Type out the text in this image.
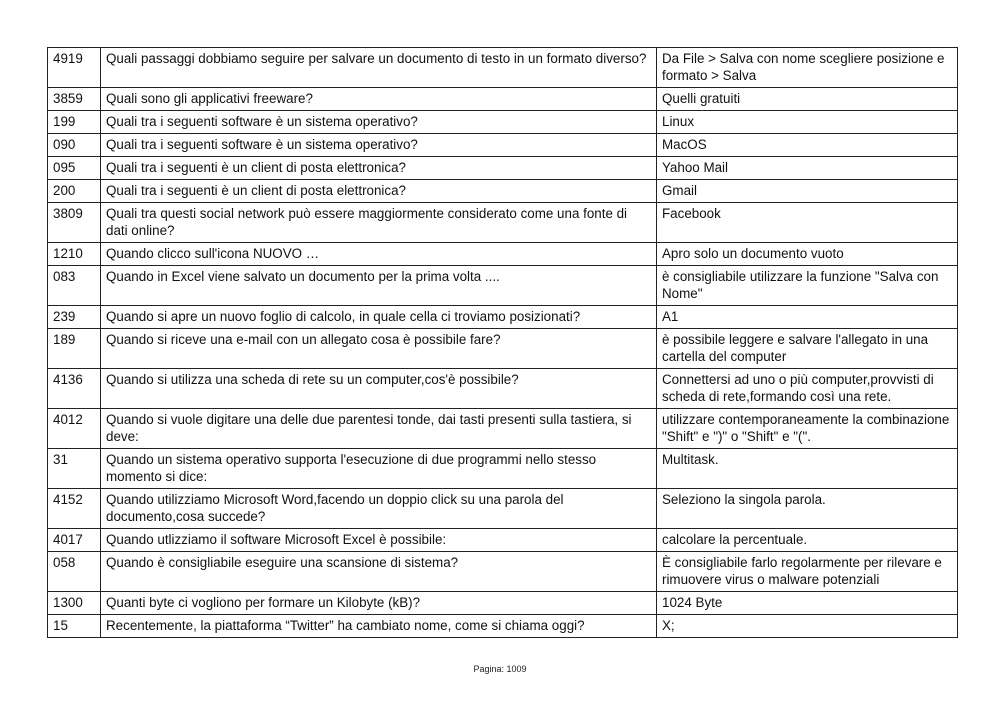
4919	Quali passaggi dobbiamo seguire per salvare un documento di testo in un formato diverso?	Da File > Salva con nome scegliere posizione e formato > Salva
3859	Quali sono gli applicativi freeware?	Quelli gratuiti
199	Quali tra i seguenti software è un sistema operativo?	Linux
090	Quali tra i seguenti software è un sistema operativo?	MacOS
095	Quali tra i seguenti è un client di posta elettronica?	Yahoo Mail
200	Quali tra i seguenti è un client di posta elettronica?	Gmail
3809	Quali tra questi social network può essere maggiormente considerato come una fonte di dati online?	Facebook
1210	Quando clicco sull'icona NUOVO …	Apro solo un documento vuoto
083	Quando in Excel viene salvato un documento per la prima volta ....	è consigliabile utilizzare la funzione "Salva con Nome"
239	Quando si apre un nuovo foglio di calcolo, in quale cella ci troviamo posizionati?	A1
189	Quando si riceve una e-mail con un allegato cosa è possibile fare?	è possibile leggere e salvare l'allegato in una cartella del computer
4136	Quando si utilizza una scheda di rete su un computer,cos'è possibile?	Connettersi ad uno o più computer,provvisti di scheda di rete,formando così una rete.
4012	Quando si vuole digitare una delle due parentesi tonde, dai tasti presenti sulla tastiera, si deve:	utilizzare contemporaneamente la combinazione "Shift" e ")" o "Shift" e "(".
31	Quando un sistema operativo supporta l'esecuzione di due programmi nello stesso momento si dice:	Multitask.
4152	Quando utilizziamo Microsoft Word,facendo un doppio click su una parola del documento,cosa succede?	Seleziono la singola parola.
4017	Quando utlizziamo il software Microsoft Excel è possibile:	calcolare la percentuale.
058	Quando è consigliabile eseguire una scansione di sistema?	È consigliabile farlo regolarmente per rilevare e rimuovere virus o malware potenziali
1300	Quanti byte ci vogliono per formare un Kilobyte (kB)?	1024 Byte
15	Recentemente, la piattaforma “Twitter” ha cambiato nome, come si chiama oggi?	X;
Pagina: 1009
